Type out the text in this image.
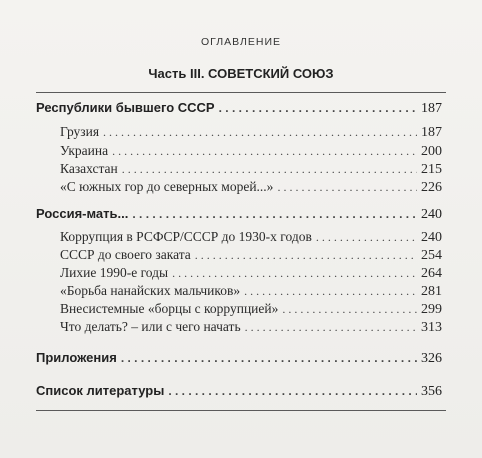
ОГЛАВЛЕНИЕ
Часть III. СОВЕТСКИЙ СОЮЗ
Республики бывшего СССР . . .	187
Грузия . . .	187
Украина . . .	200
Казахстан . . .	215
«С южных гор до северных морей...» . . .	226
Россия-мать... . . .	240
Коррупция в РСФСР/СССР до 1930-х годов . . .	240
СССР до своего заката . . .	254
Лихие 1990-е годы . . .	264
«Борьба нанайских мальчиков» . . .	281
Внесистемные «борцы с коррупцией» . . .	299
Что делать? – или с чего начать . . .	313
Приложения . . .	326
Список литературы . . .	356
